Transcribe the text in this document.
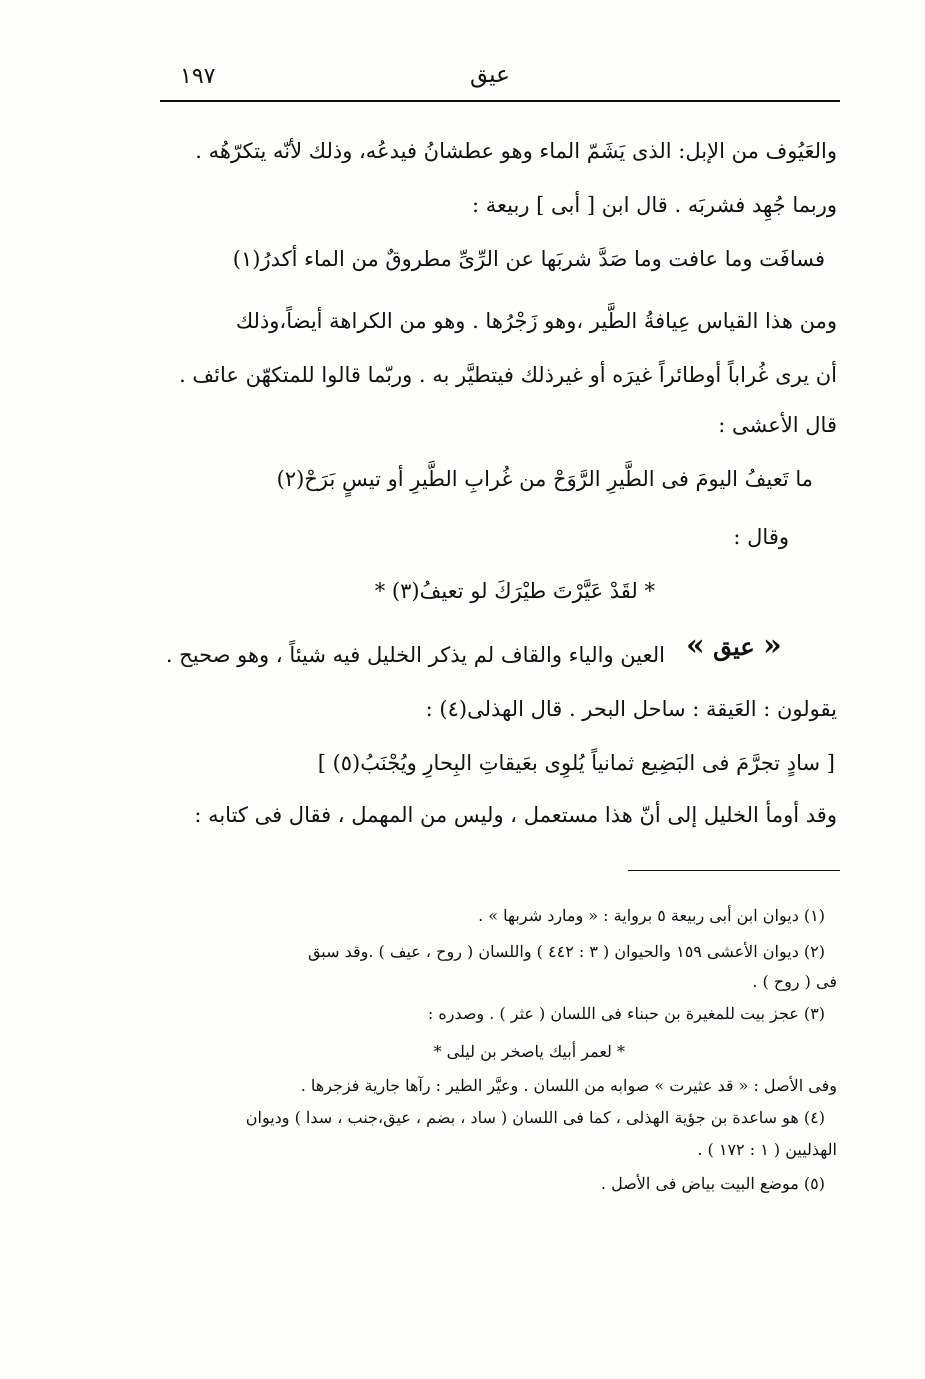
١٩٧	عيق
والعَيُوف من الإبل: الذى يَشَمّ الماء وهو عطشانُ فيدعُه، وذلك لأنّه يتكرّهُه .
وربما جُهِد فشربَه . قال ابن [ أبى ] ربيعة :
فسافَت وما عافت وما صَدَّ شربَها عن الرِّىِّ مطروقٌ من الماء أكدرُ(١)
ومن هذا القياس عِيافةُ الطَّير ،وهو زَجْرُها . وهو من الكراهة أيضاً،وذلك
أن يرى غُراباً أوطائراً غيرَه أو غيرذلك فيتطيَّر به . وربّما قالوا للمتكهّن عائف .
قال الأعشى :
ما تَعيفُ اليومَ فى الطَّيرِ الرَّوَحْ من غُرابِ الطَّيرِ أو تيسٍ بَرَحْ(٢)
وقال :
* لقَدْ عَيَّرْتَ طيْرَكَ لو تعيفُ(٣) *
« عيق »
العين والياء والقاف لم يذكر الخليل فيه شيئاً ، وهو صحيح .
يقولون : العَيقة : ساحل البحر . قال الهذلى(٤) :
[ سادٍ تجرَّمَ فى البَضِيع ثمانياً يُلوِى بعَيقاتِ البِحارِ ويُجْنَبُ(٥) ]
وقد أومأ الخليل إلى أنّ هذا مستعمل ، وليس من المهمل ، فقال فى كتابه :
(١) ديوان ابن أبى ربيعة ٥ برواية : « ومارد شربها » .
(٢) ديوان الأعشى ١٥٩ والحيوان ( ٣ : ٤٤٢ ) واللسان ( روح ، عيف ) .وقد سبق
فى ( روح ) .
(٣) عجز بيت للمغيرة بن حبناء فى اللسان ( عثر ) . وصدره :
* لعمر أبيك ياصخر بن ليلى *
وفى الأصل : « قد عثيرت » صوابه من اللسان . وعيَّر الطير : رآها جارية فزجرها .
(٤) هو ساعدة بن جؤية الهذلى ، كما فى اللسان ( ساد ، بضم ، عيق،جنب ، سدا ) وديوان
الهذليين ( ١ : ١٧٢ ) .
(٥) موضع البيت بياض فى الأصل .
